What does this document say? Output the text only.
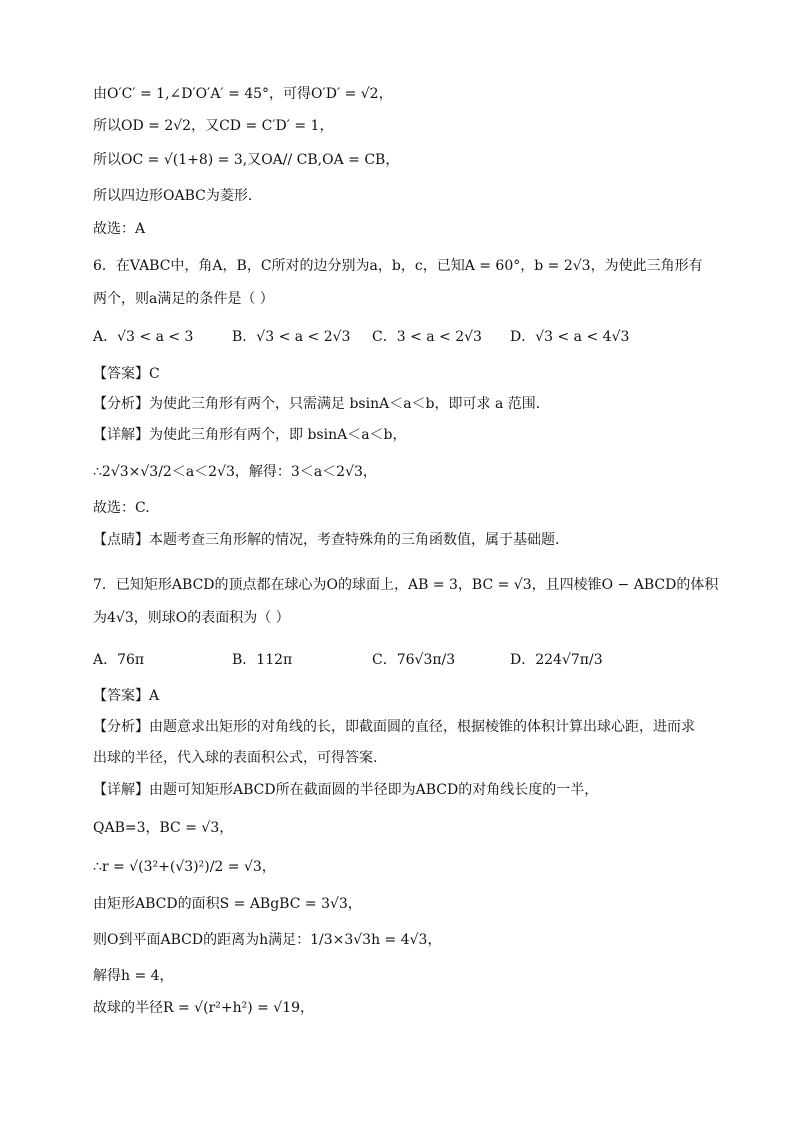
由O′C′ = 1,∠D′O′A′ = 45°，可得O′D′ = √2，
所以OD = 2√2，又CD = C′D′ = 1，
所以OC = √(1+8) = 3,又OA// CB,OA = CB，
所以四边形OABC为菱形.
故选：A
6．在VABC中，角A，B，C所对的边分别为a，b，c，已知A = 60°，b = 2√3，为使此三角形有
两个，则a满足的条件是（ ）
A．√3 < a < 3	B．√3 < a < 2√3 C．3 < a < 2√3 D．√3 < a < 4√3
【答案】C
【分析】为使此三角形有两个，只需满足 bsinA＜a＜b，即可求 a 范围.
【详解】为使此三角形有两个，即 bsinA＜a＜b，
∴2√3×√3/2＜a＜2√3，解得：3＜a＜2√3，
故选：C.
【点睛】本题考查三角形解的情况，考查特殊角的三角函数值，属于基础题.
7．已知矩形ABCD的顶点都在球心为O的球面上，AB = 3，BC = √3，且四棱锥O − ABCD的体积
为4√3，则球O的表面积为（ ）
A．76π	B．112π	C．76√3π/3	D．224√7π/3
【答案】A
【分析】由题意求出矩形的对角线的长，即截面圆的直径，根据棱锥的体积计算出球心距，进而求
出球的半径，代入球的表面积公式，可得答案.
【详解】由题可知矩形ABCD所在截面圆的半径即为ABCD的对角线长度的一半，
QAB=3，BC = √3，
∴r = √(3²+(√3)²)/2 = √3，
由矩形ABCD的面积S = ABgBC = 3√3，
则O到平面ABCD的距离为h满足：1/3×3√3h = 4√3，
解得h = 4，
故球的半径R = √(r²+h²) = √19，
